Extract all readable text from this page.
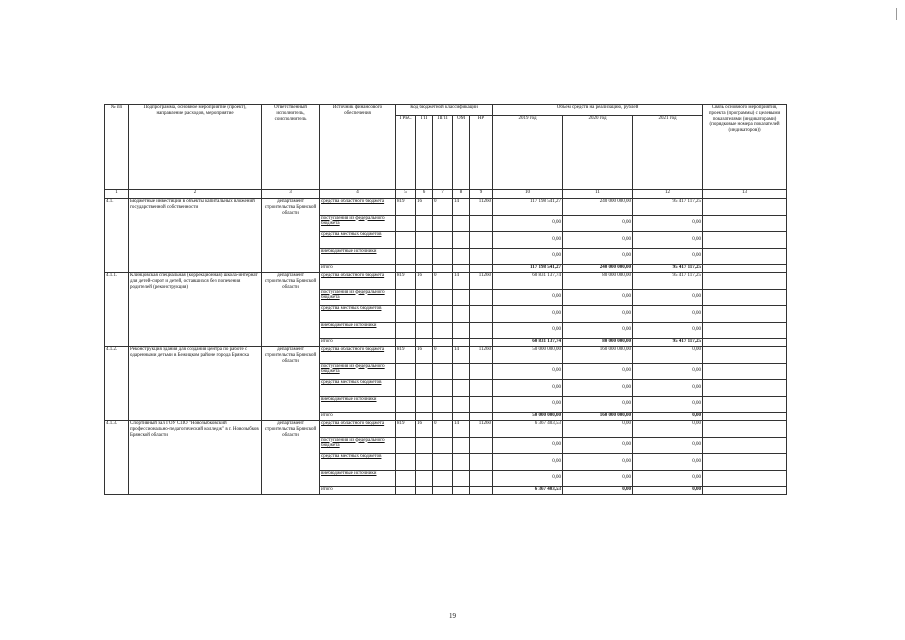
№ пп	Подпрограмма, основное мероприятие (проект), направление расходов, мероприятие	Ответственный исполнитель, соисполнитель	Источник финансового обеспечения	Код бюджетной классификации					Объем средств на реализацию, рублей			Связь основного мероприятия, проекта (программы) с целевыми показателями (индикаторами) (порядковые номера показателей (индикаторов))
				ГРБС	ГП	ПГП	ОМ	НР	2019 год	2020 год	2021 год	
1	2	3	4	5	6	7	8	9	10	11	12	13
4.1.	Бюджетные инвестиции в объекты капитальных вложений государственной собственности	департамент строительства Брянской области	средства областного бюджета	819	16	0	14	11260	117 198 541,27	240 000 000,00	95 417 117,25	
			поступления из федерального бюджета						0,00	0,00	0,00	
			средства местных бюджетов						0,00	0,00	0,00	
			внебюджетные источники						0,00	0,00	0,00	
			итого						117 198 541,27	240 000 000,00	95 417 117,25	
4.1.1.	Клинцовская специальная (коррекционная) школа-интернат для детей-сирот и детей, оставшихся без попечения родителей (реконструкция)	департамент строительства Брянской области	средства областного бюджета	819	16	0	14	11260	60 831 137,74	80 000 000,00	95 417 117,25	
			поступления из федерального бюджета						0,00	0,00	0,00	
			средства местных бюджетов						0,00	0,00	0,00	
			внебюджетные источники						0,00	0,00	0,00	
			итого						60 831 137,74	80 000 000,00	95 417 117,25	
4.1.2.	Реконструкция здания для создания центра по работе с одаренными детьми в Бежицком районе города Брянска	департамент строительства Брянской области	средства областного бюджета	819	16	0	14	11260	50 000 000,00	160 000 000,00	0,00	
			поступления из федерального бюджета						0,00	0,00	0,00	
			средства местных бюджетов						0,00	0,00	0,00	
			внебюджетные источники						0,00	0,00	0,00	
			итого						50 000 000,00	160 000 000,00	0,00	
4.1.3.	Спортивный зал ГОУ СПО "Новозыбковский профессионально-педагогический колледж" в г. Новозыбков Брянской области	департамент строительства Брянской области	средства областного бюджета	819	16	0	14	11260	6 367 403,53	0,00	0,00	
			поступления из федерального бюджета						0,00	0,00	0,00	
			средства местных бюджетов						0,00	0,00	0,00	
			внебюджетные источники						0,00	0,00	0,00	
			итого						6 367 403,53	0,00	0,00	
19
